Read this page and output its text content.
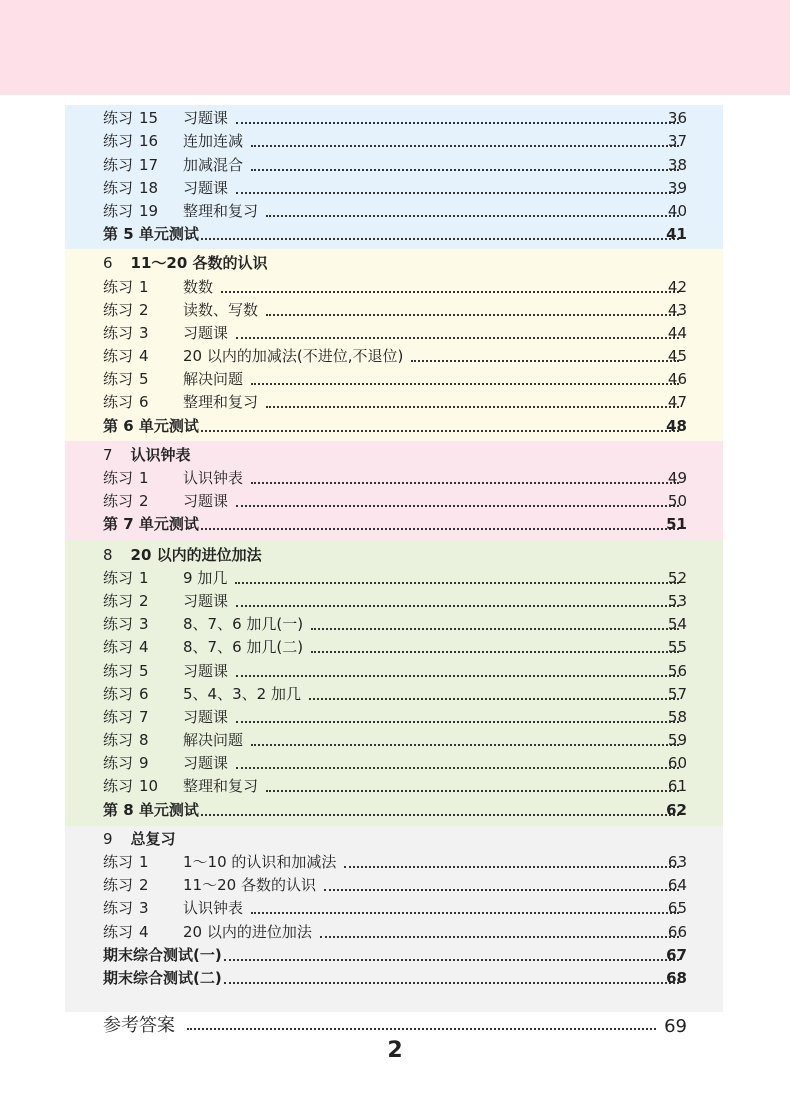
练习 15 习题课	36
练习 16 连加连减	37
练习 17 加减混合	38
练习 18 习题课	39
练习 19 整理和复习	40
第 5 单元测试	41
6 11～20 各数的认识
练习 1 数数	42
练习 2 读数、写数	43
练习 3 习题课	44
练习 4 20 以内的加减法(不进位,不退位)	45
练习 5 解决问题	46
练习 6 整理和复习	47
第 6 单元测试	48
7 认识钟表
练习 1 认识钟表	49
练习 2 习题课	50
第 7 单元测试	51
8 20 以内的进位加法
练习 1 9 加几	52
练习 2 习题课	53
练习 3 8、7、6 加几(一)	54
练习 4 8、7、6 加几(二)	55
练习 5 习题课	56
练习 6 5、4、3、2 加几	57
练习 7 习题课	58
练习 8 解决问题	59
练习 9 习题课	60
练习 10 整理和复习	61
第 8 单元测试	62
9 总复习
练习 1 1～10 的认识和加减法	63
练习 2 11～20 各数的认识	64
练习 3 认识钟表	65
练习 4 20 以内的进位加法	66
期末综合测试(一)	67
期末综合测试(二)	68
参考答案	69
2
